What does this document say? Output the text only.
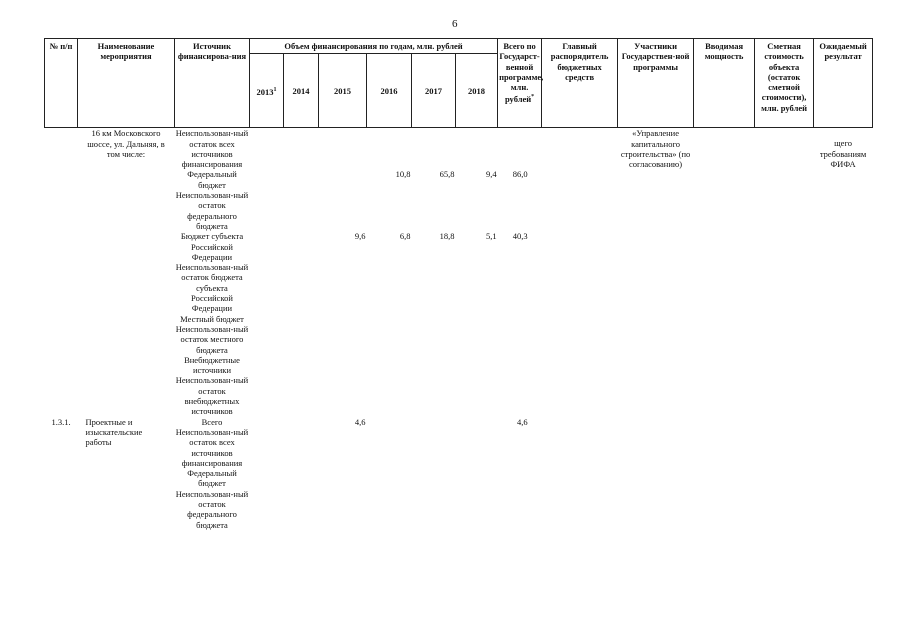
6
№ п/п	Наименование мероприятия	Источник финансирова-ния	Объем финансирования по годам, млн. рублей						Всего по Государст-венной программе, млн. рублей*	Главный распорядитель бюджетных средств	Участники Государствен-ной программы	Вводимая мощность	Сметная стоимость объекта (остаток сметной стоимости), млн. рублей	Ожидаемый результат
			2013$^1$	2014	2015	2016	2017	2018						
	16 км Московского шоссе, ул. Дальняя, в том числе:	Неиспользован-ный остаток всех источников финансирования									«Управление капитального строительства» (по согласованию)			щего требованиям ФИФА
		Федеральный бюджет				10,8	65,8	9,4	86,0					
		Неиспользован-ный остаток федерального бюджета												
		Бюджет субъекта Российской Федерации			9,6	6,8	18,8	5,1	40,3					
		Неиспользован-ный остаток бюджета субъекта Российской Федерации												
		Местный бюджет												
		Неиспользован-ный остаток местного бюджета												
		Внебюджетные источники												
		Неиспользован-ный остаток внебюджетных источников												
1.3.1.	Проектные и изыскательские работы	Всего			4,6				4,6					
		Неиспользован-ный остаток всех источников финансирования												
		Федеральный бюджет												
		Неиспользован-ный остаток федерального бюджета												
